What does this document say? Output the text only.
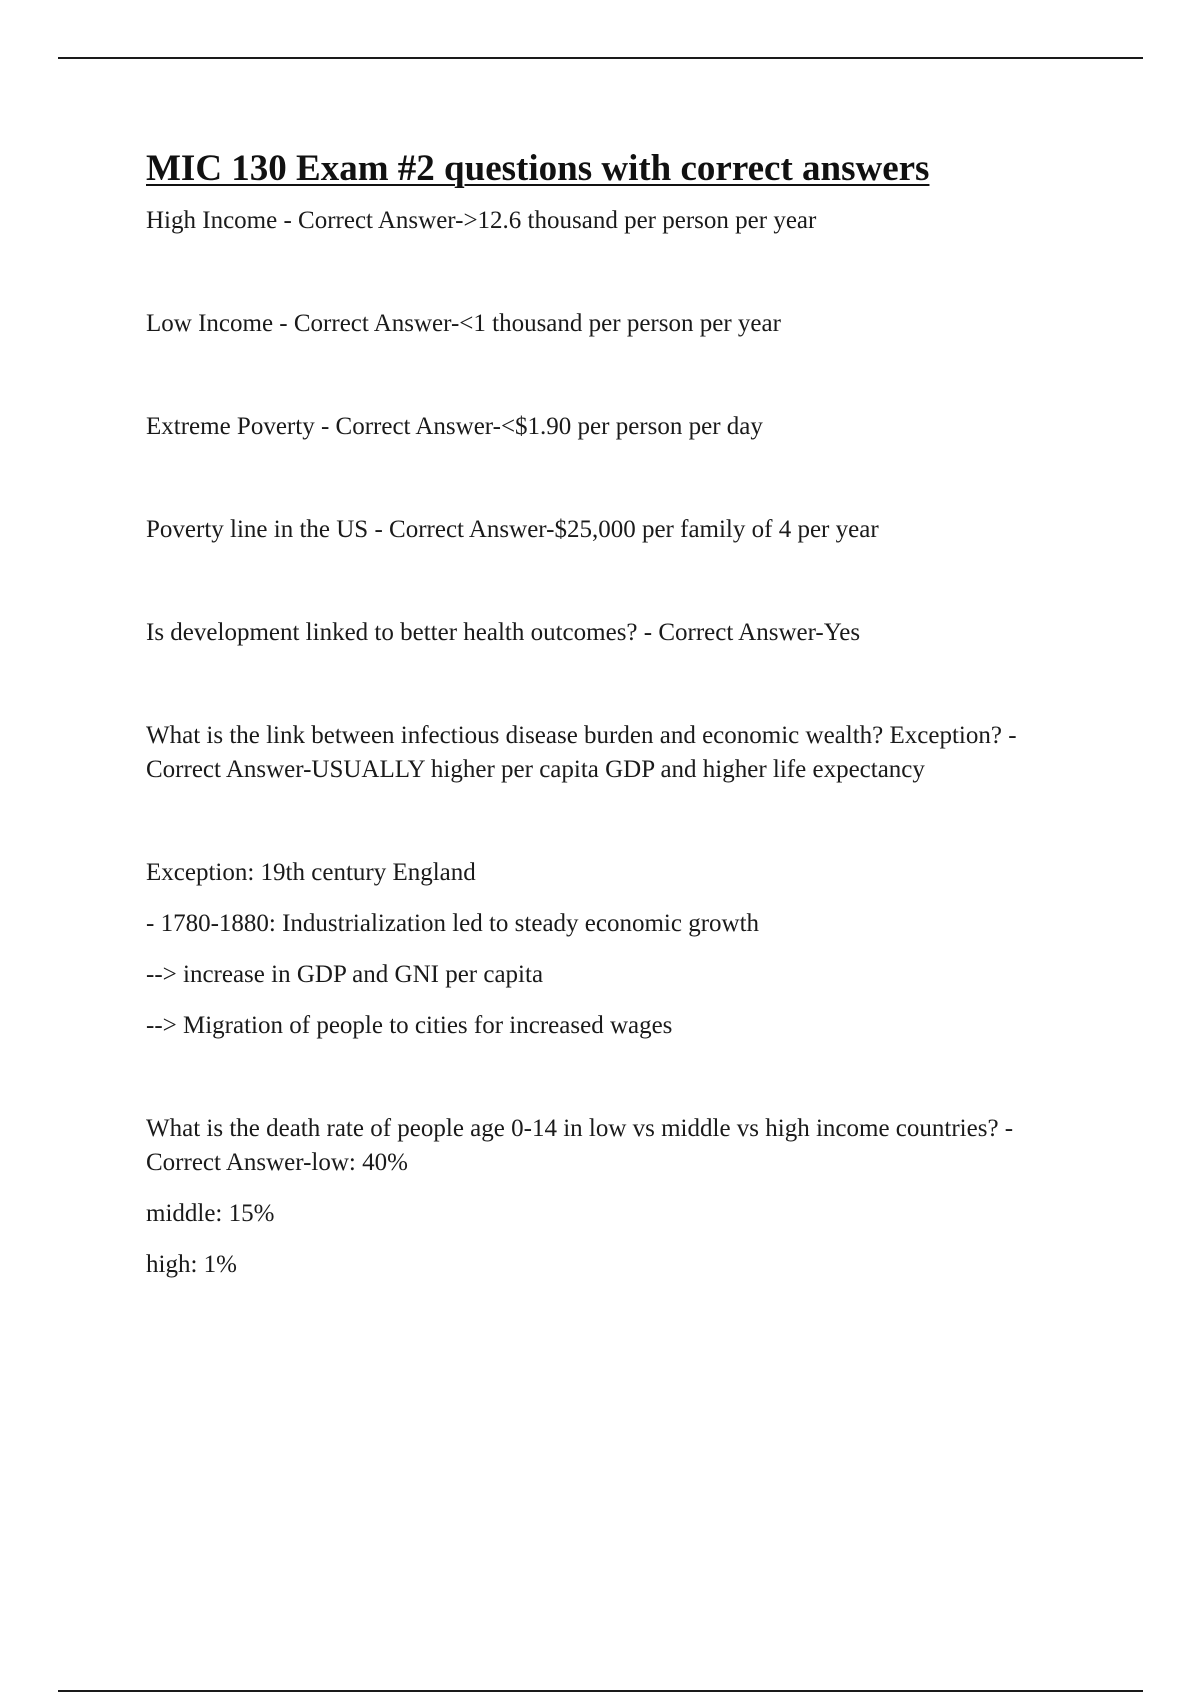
MIC 130 Exam #2 questions with correct answers

High Income - Correct Answer->12.6 thousand per person per year

Low Income - Correct Answer-<1 thousand per person per year

Extreme Poverty - Correct Answer-<$1.90 per person per day

Poverty line in the US - Correct Answer-$25,000 per family of 4 per year

Is development linked to better health outcomes? - Correct Answer-Yes

What is the link between infectious disease burden and economic wealth? Exception? - Correct Answer-USUALLY higher per capita GDP and higher life expectancy

Exception: 19th century England

- 1780-1880: Industrialization led to steady economic growth

--> increase in GDP and GNI per capita

--> Migration of people to cities for increased wages

What is the death rate of people age 0-14 in low vs middle vs high income countries? - Correct Answer-low: 40%

middle: 15%

high: 1%
